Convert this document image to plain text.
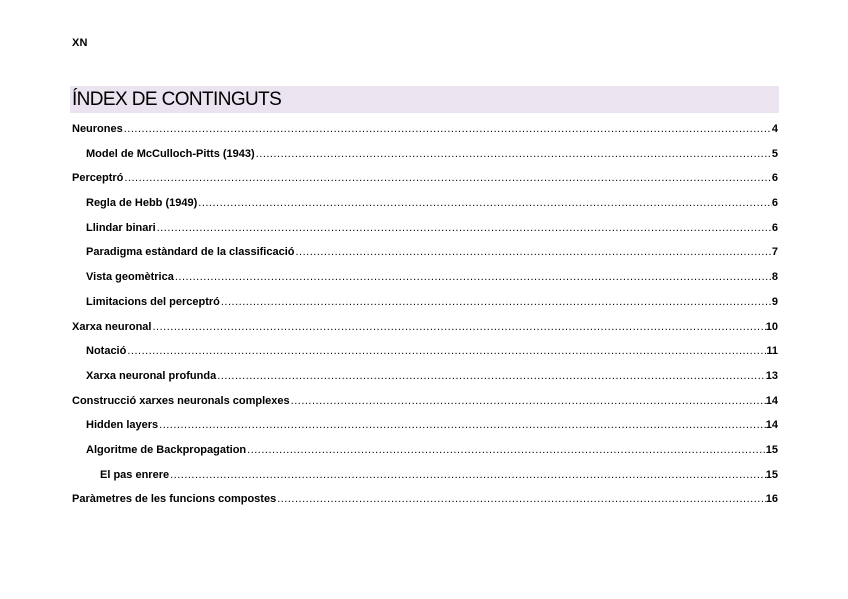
XN
ÍNDEX DE CONTINGUTS
Neurones .....	4
Model de McCulloch-Pitts (1943) .....	5
Perceptró .....	6
Regla de Hebb (1949) .....	6
Llindar binari .....	6
Paradigma estàndard de la classificació .....	7
Vista geomètrica .....	8
Limitacions del perceptró .....	9
Xarxa neuronal .....	10
Notació .....	11
Xarxa neuronal profunda .....	13
Construcció xarxes neuronals complexes .....	14
Hidden layers .....	14
Algoritme de Backpropagation .....	15
El pas enrere .....	15
Paràmetres de les funcions compostes .....	16
